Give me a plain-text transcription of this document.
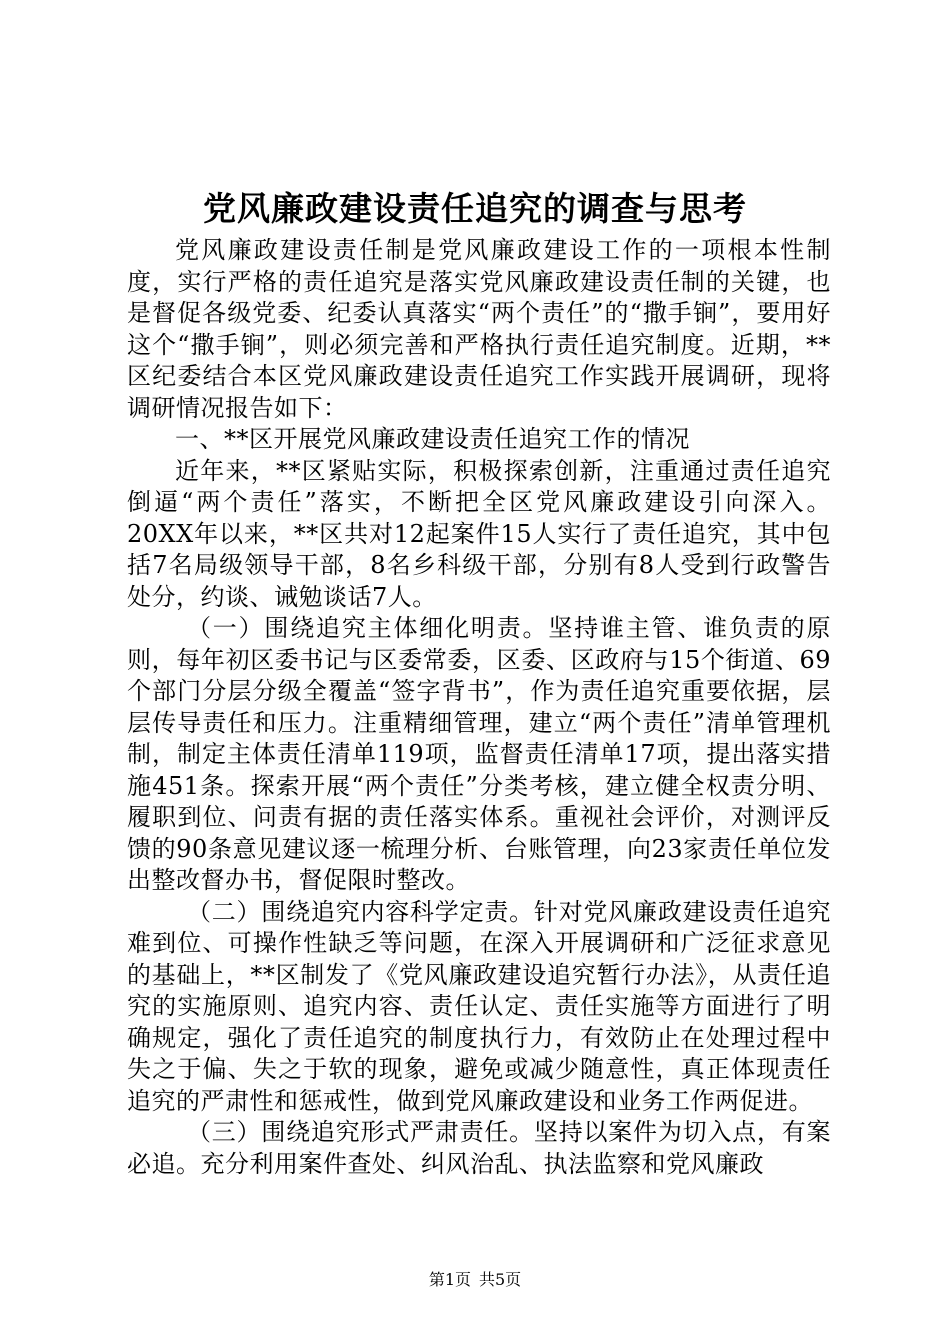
党风廉政建设责任追究的调查与思考

党风廉政建设责任制是党风廉政建设工作的一项根本性制度，实行严格的责任追究是落实党风廉政建设责任制的关键，也是督促各级党委、纪委认真落实“两个责任”的“撒手锏”，要用好这个“撒手锏”，则必须完善和严格执行责任追究制度。近期，**区纪委结合本区党风廉政建设责任追究工作实践开展调研，现将调研情况报告如下：

一、**区开展党风廉政建设责任追究工作的情况

近年来，**区紧贴实际，积极探索创新，注重通过责任追究倒逼“两个责任”落实，不断把全区党风廉政建设引向深入。20XX年以来，**区共对12起案件15人实行了责任追究，其中包括7名局级领导干部，8名乡科级干部，分别有8人受到行政警告处分，约谈、诫勉谈话7人。

（一）围绕追究主体细化明责。坚持谁主管、谁负责的原则，每年初区委书记与区委常委，区委、区政府与15个街道、69个部门分层分级全覆盖“签字背书”，作为责任追究重要依据，层层传导责任和压力。注重精细管理，建立“两个责任”清单管理机制，制定主体责任清单119项，监督责任清单17项，提出落实措施451条。探索开展“两个责任”分类考核，建立健全权责分明、履职到位、问责有据的责任落实体系。重视社会评价，对测评反馈的90条意见建议逐一梳理分析、台账管理，向23家责任单位发出整改督办书，督促限时整改。

（二）围绕追究内容科学定责。针对党风廉政建设责任追究难到位、可操作性缺乏等问题，在深入开展调研和广泛征求意见的基础上，**区制发了《党风廉政建设追究暂行办法》，从责任追究的实施原则、追究内容、责任认定、责任实施等方面进行了明确规定，强化了责任追究的制度执行力，有效防止在处理过程中失之于偏、失之于软的现象，避免或减少随意性，真正体现责任追究的严肃性和惩戒性，做到党风廉政建设和业务工作两促进。

（三）围绕追究形式严肃责任。坚持以案件为切入点，有案必追。充分利用案件查处、纠风治乱、执法监察和党风廉政

第1页 共5页
